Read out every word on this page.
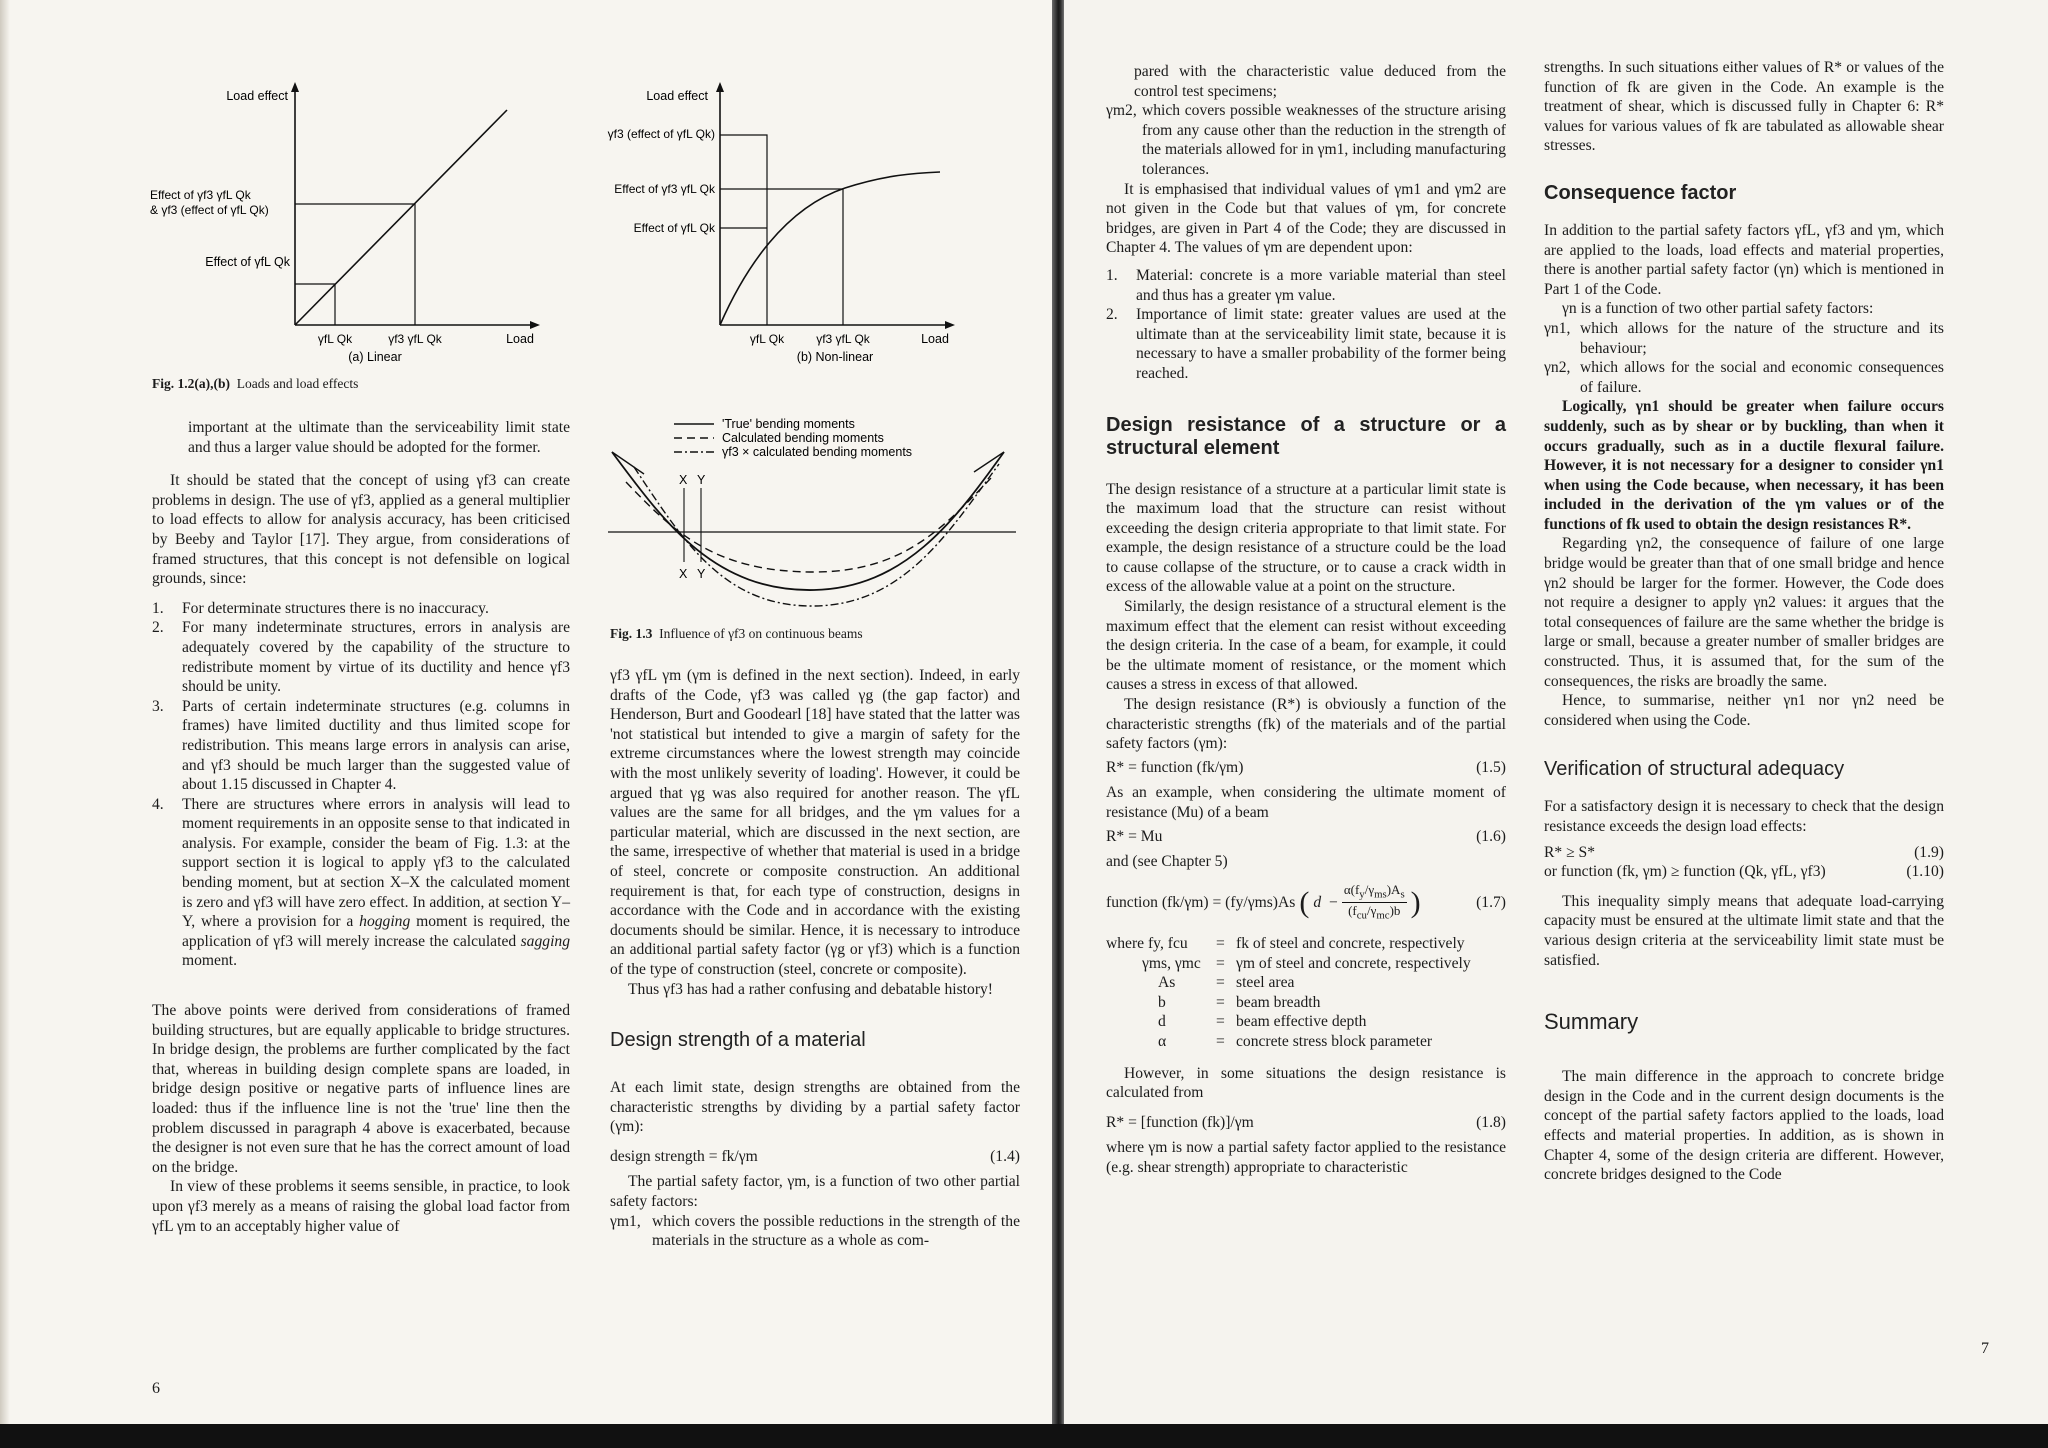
Load effect
Effect of γf3 γfL Qk
& γf3 (effect of γfL Qk)
Effect of γfL Qk
γfL Qk	γf3 γfL Qk	Load
(a) Linear
Fig. 1.2(a),(b) Loads and load effects
Load effect
γf3 (effect of γfL Qk)
Effect of γf3 γfL Qk
Effect of γfL Qk
γfL Qk	γf3 γfL Qk	Load
(b) Non-linear
'True' bending moments
Calculated bending moments
γf3 × calculated bending moments
X Y
X Y
Fig. 1.3 Influence of γf3 on continuous beams

important at the ultimate than the serviceability limit state and thus a larger value should be adopted for the former.

It should be stated that the concept of using γf3 can create problems in design. The use of γf3, applied as a general multiplier to load effects to allow for analysis accuracy, has been criticised by Beeby and Taylor [17]. They argue, from considerations of framed structures, that this concept is not defensible on logical grounds, since:

1. For determinate structures there is no inaccuracy.
2. For many indeterminate structures, errors in analysis are adequately covered by the capability of the structure to redistribute moment by virtue of its ductility and hence γf3 should be unity.
3. Parts of certain indeterminate structures (e.g. columns in frames) have limited ductility and thus limited scope for redistribution. This means large errors in analysis can arise, and γf3 should be much larger than the suggested value of about 1.15 discussed in Chapter 4.
4. There are structures where errors in analysis will lead to moment requirements in an opposite sense to that indicated in analysis. For example, consider the beam of Fig. 1.3: at the support section it is logical to apply γf3 to the calculated bending moment, but at section X–X the calculated moment is zero and γf3 will have zero effect. In addition, at section Y–Y, where a provision for a hogging moment is required, the application of γf3 will merely increase the calculated sagging moment.

The above points were derived from considerations of framed building structures, but are equally applicable to bridge structures. In bridge design, the problems are further complicated by the fact that, whereas in building design complete spans are loaded, in bridge design positive or negative parts of influence lines are loaded: thus if the influence line is not the 'true' line then the problem discussed in paragraph 4 above is exacerbated, because the designer is not even sure that he has the correct amount of load on the bridge.

In view of these problems it seems sensible, in practice, to look upon γf3 merely as a means of raising the global load factor from γfL γm to an acceptably higher value of

γf3 γfL γm (γm is defined in the next section). Indeed, in early drafts of the Code, γf3 was called γg (the gap factor) and Henderson, Burt and Goodearl [18] have stated that the latter was 'not statistical but intended to give a margin of safety for the extreme circumstances where the lowest strength may coincide with the most unlikely severity of loading'. However, it could be argued that γg was also required for another reason. The γfL values are the same for all bridges, and the γm values for a particular material, which are discussed in the next section, are the same, irrespective of whether that material is used in a bridge of steel, concrete or composite construction. An additional requirement is that, for each type of construction, designs in accordance with the Code and in accordance with the existing documents should be similar. Hence, it is necessary to introduce an additional partial safety factor (γg or γf3) which is a function of the type of construction (steel, concrete or composite).

Thus γf3 has had a rather confusing and debatable history!

Design strength of a material

At each limit state, design strengths are obtained from the characteristic strengths by dividing by a partial safety factor (γm):

design strength = fk/γm	(1.4)

The partial safety factor, γm, is a function of two other partial safety factors:

γm1, which covers the possible reductions in the strength of the materials in the structure as a whole as com-
6

pared with the characteristic value deduced from the control test specimens;

γm2, which covers possible weaknesses of the structure arising from any cause other than the reduction in the strength of the materials allowed for in γm1, including manufacturing tolerances.

It is emphasised that individual values of γm1 and γm2 are not given in the Code but that values of γm, for concrete bridges, are given in Part 4 of the Code; they are discussed in Chapter 4. The values of γm are dependent upon:

1. Material: concrete is a more variable material than steel and thus has a greater γm value.
2. Importance of limit state: greater values are used at the ultimate than at the serviceability limit state, because it is necessary to have a smaller probability of the former being reached.
Design resistance of a structure or a structural element

The design resistance of a structure at a particular limit state is the maximum load that the structure can resist without exceeding the design criteria appropriate to that limit state. For example, the design resistance of a structure could be the load to cause collapse of the structure, or to cause a crack width in excess of the allowable value at a point on the structure.

Similarly, the design resistance of a structural element is the maximum effect that the element can resist without exceeding the design criteria. In the case of a beam, for example, it could be the ultimate moment of resistance, or the moment which causes a stress in excess of that allowed.

The design resistance (R*) is obviously a function of the characteristic strengths (fk) of the materials and of the partial safety factors (γm):

R* = function (fk/γm)	(1.5)

As an example, when considering the ultimate moment of resistance (Mu) of a beam

R* = Mu	(1.6)

and (see Chapter 5)

function (fk/γm) = (fy/γms)As ( d −
$\alpha(f_y/\gamma_{ms})A_s$
$(f_{cu}/\gamma_{mc})b$ )	(1.7)
where fy, fcu	= fk of steel and concrete, respectively
γms, γmc = γm of steel and concrete, respectively
As	= steel area
b	= beam breadth
d	= beam effective depth
α	= concrete stress block parameter

However, in some situations the design resistance is calculated from

R* = [function (fk)]/γm	(1.8)

where γm is now a partial safety factor applied to the resistance (e.g. shear strength) appropriate to characteristic

strengths. In such situations either values of R* or values of the function of fk are given in the Code. An example is the treatment of shear, which is discussed fully in Chapter 6: R* values for various values of fk are tabulated as allowable shear stresses.

Consequence factor

In addition to the partial safety factors γfL, γf3 and γm, which are applied to the loads, load effects and material properties, there is another partial safety factor (γn) which is mentioned in Part 1 of the Code.

γn is a function of two other partial safety factors:

γn1, which allows for the nature of the structure and its behaviour;
γn2, which allows for the social and economic consequences of failure.

Logically, γn1 should be greater when failure occurs suddenly, such as by shear or by buckling, than when it occurs gradually, such as in a ductile flexural failure. However, it is not necessary for a designer to consider γn1 when using the Code because, when necessary, it has been included in the derivation of the γm values or of the functions of fk used to obtain the design resistances R*.

Regarding γn2, the consequence of failure of one large bridge would be greater than that of one small bridge and hence γn2 should be larger for the former. However, the Code does not require a designer to apply γn2 values: it argues that the total consequences of failure are the same whether the bridge is large or small, because a greater number of smaller bridges are constructed. Thus, it is assumed that, for the sum of the consequences, the risks are broadly the same.

Hence, to summarise, neither γn1 nor γn2 need be considered when using the Code.

Verification of structural adequacy

For a satisfactory design it is necessary to check that the design resistance exceeds the design load effects:

R* ≥ S*	(1.9)
or function (fk, γm) ≥ function (Qk, γfL, γf3)	(1.10)

This inequality simply means that adequate load-carrying capacity must be ensured at the ultimate limit state and that the various design criteria at the serviceability limit state must be satisfied.

Summary

The main difference in the approach to concrete bridge design in the Code and in the current design documents is the concept of the partial safety factors applied to the loads, load effects and material properties. In addition, as is shown in Chapter 4, some of the design criteria are different. However, concrete bridges designed to the Code

7
